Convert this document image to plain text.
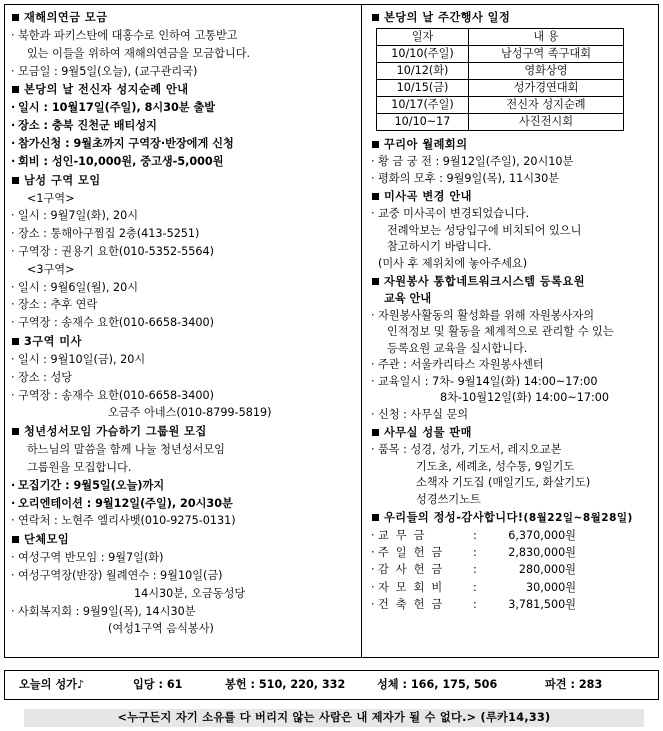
재해의연금 모금
· 북한과 파키스탄에 대홍수로 인하여 고통받고
있는 이들을 위하여 재해의연금을 모금합니다.
· 모금일 : 9월5일(오늘), (교구관리국)
본당의 날 전신자 성지순례 안내
· 일시 : 10월17일(주일), 8시30분 출발
· 장소 : 충북 진천군 배티성지
· 참가신청 : 9월초까지 구역장·반장에게 신청
· 회비 : 성인-10,000원, 중고생-5,000원
남성 구역 모임
<1구역>
· 일시 : 9월7일(화), 20시
· 장소 : 통해아구찜집 2층(413-5251)
· 구역장 : 권용기 요한(010-5352-5564)
<3구역>
· 일시 : 9월6일(월), 20시
· 장소 : 추후 연락
· 구역장 : 송재수 요한(010-6658-3400)
3구역 미사
· 일시 : 9월10일(금), 20시
· 장소 : 성당
· 구역장 : 송재수 요한(010-6658-3400)
오금주 아네스(010-8799-5819)
청년성서모임 가슴하기 그룹원 모집
하느님의 말씀을 함께 나눌 청년성서모임
그룹원을 모집합니다.
· 모집기간 : 9월5일(오늘)까지
· 오리엔테이션 : 9월12일(주일), 20시30분
· 연락처 : 노현주 엘리사벳(010-9275-0131)
단체모임
· 여성구역 반모임 : 9월7일(화)
· 여성구역장(반장) 월례연수 : 9월10일(금)
14시30분, 오금동성당
· 사회복지회 : 9월9일(목), 14시30분
(여성1구역 음식봉사)
본당의 날 주간행사 일정
일자	내 용
10/10(주일)	남성구역 족구대회
10/12(화)	영화상영
10/15(금)	성가경연대회
10/17(주일)	전신자 성지순례
10/10~17	사진전시회
꾸리아 월례회의
· 황 금 궁 전 : 9월12일(주일), 20시10분
· 평화의 모후 : 9월9일(목), 11시30분
미사곡 변경 안내
· 교중 미사곡이 변경되었습니다.
전례악보는 성당입구에 비치되어 있으니
참고하시기 바랍니다.
(미사 후 제위치에 놓아주세요)
자원봉사 통합네트워크시스템 등록요원
교육 안내
· 자원봉사활동의 활성화를 위해 자원봉사자의
인적정보 및 활동을 체계적으로 관리할 수 있는
등록요원 교육을 실시합니다.
· 주관 : 서울카리타스 자원봉사센터
· 교육일시 : 7차- 9월14일(화) 14:00~17:00
8차-10월12일(화) 14:00~17:00
· 신청 : 사무실 문의
사무실 성물 판매
· 품목 : 성경, 성가, 기도서, 레지오교본
기도초, 세례초, 성수통, 9일기도
소책자 기도집 (매일기도, 화살기도)
성경쓰기노트
우리들의 정성-감사합니다!(8월22일~8월28일)
· 교무금	:	6,370,000원
· 주일헌금	:	2,830,000원
· 감사헌금	:	280,000원
· 자모회비	:	30,000원
· 건축헌금	:	3,781,500원
오늘의 성가♪	입당 : 61	봉헌 : 510, 220, 332	성체 : 166, 175, 506	파견 : 283
<누구든지 자기 소유를 다 버리지 않는 사람은 내 제자가 될 수 없다.> (루카14,33)
